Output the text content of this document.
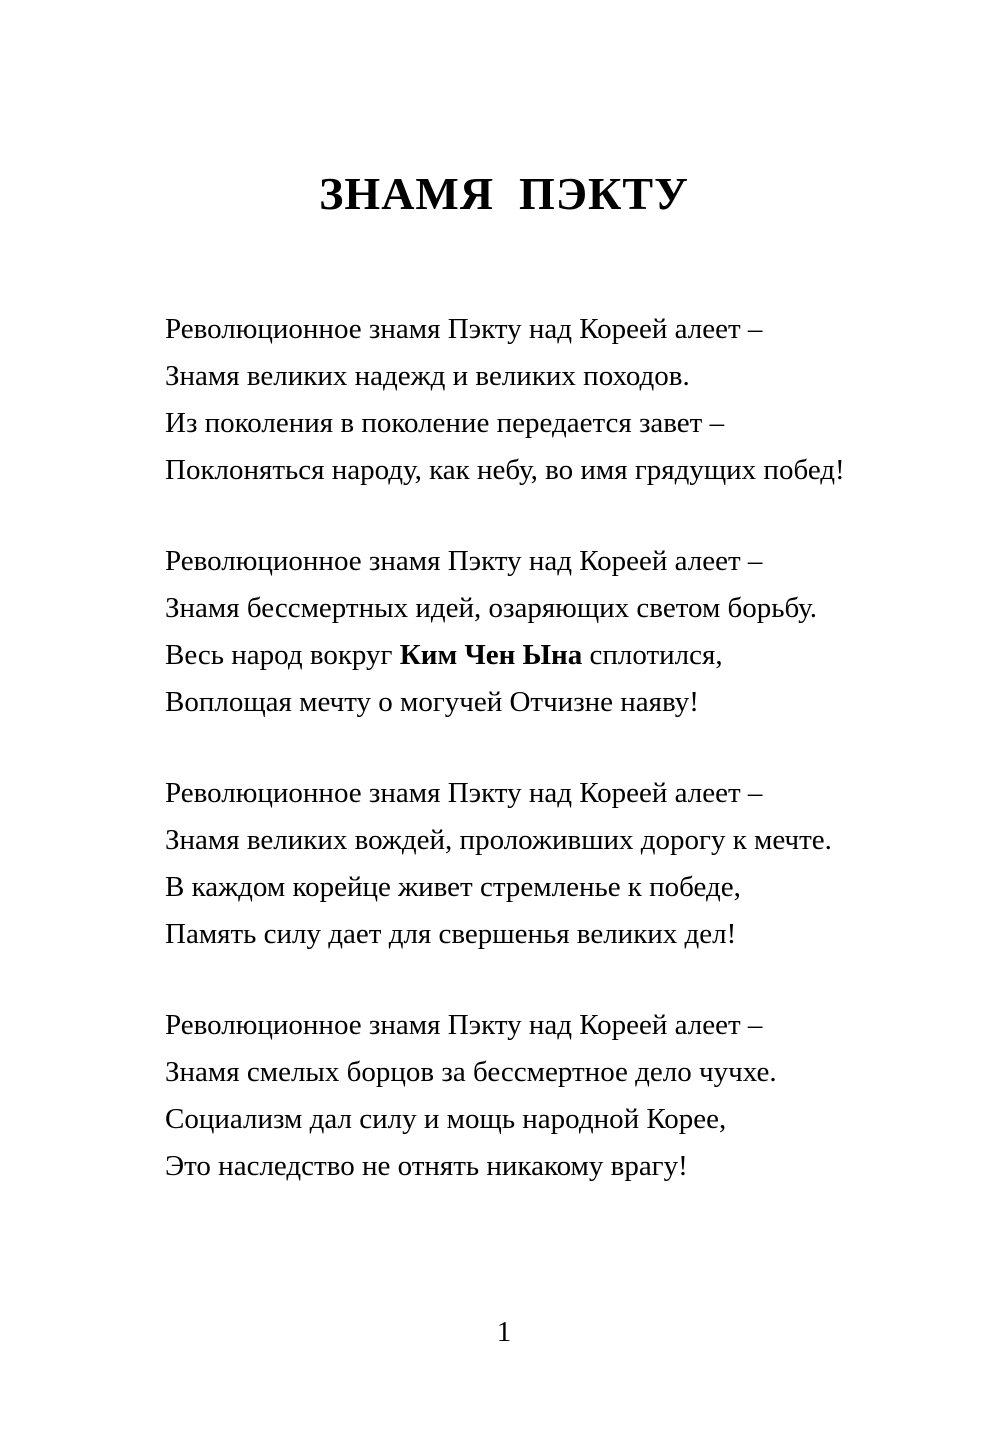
ЗНАМЯ  ПЭКТУ
Революционное знамя Пэкту над Кореей алеет –
Знамя великих надежд и великих походов.
Из поколения в поколение передается завет –
Поклоняться народу, как небу, во имя грядущих побед!
Революционное знамя Пэкту над Кореей алеет –
Знамя бессмертных идей, озаряющих светом борьбу.
Весь народ вокруг Ким Чен Ына сплотился,
Воплощая мечту о могучей Отчизне наяву!
Революционное знамя Пэкту над Кореей алеет –
Знамя великих вождей, проложивших дорогу к мечте.
В каждом корейце живет стремленье к победе,
Память силу дает для свершенья великих дел!
Революционное знамя Пэкту над Кореей алеет –
Знамя смелых борцов за бессмертное дело чучхе.
Социализм дал силу и мощь народной Корее,
Это наследство не отнять никакому врагу!
1
